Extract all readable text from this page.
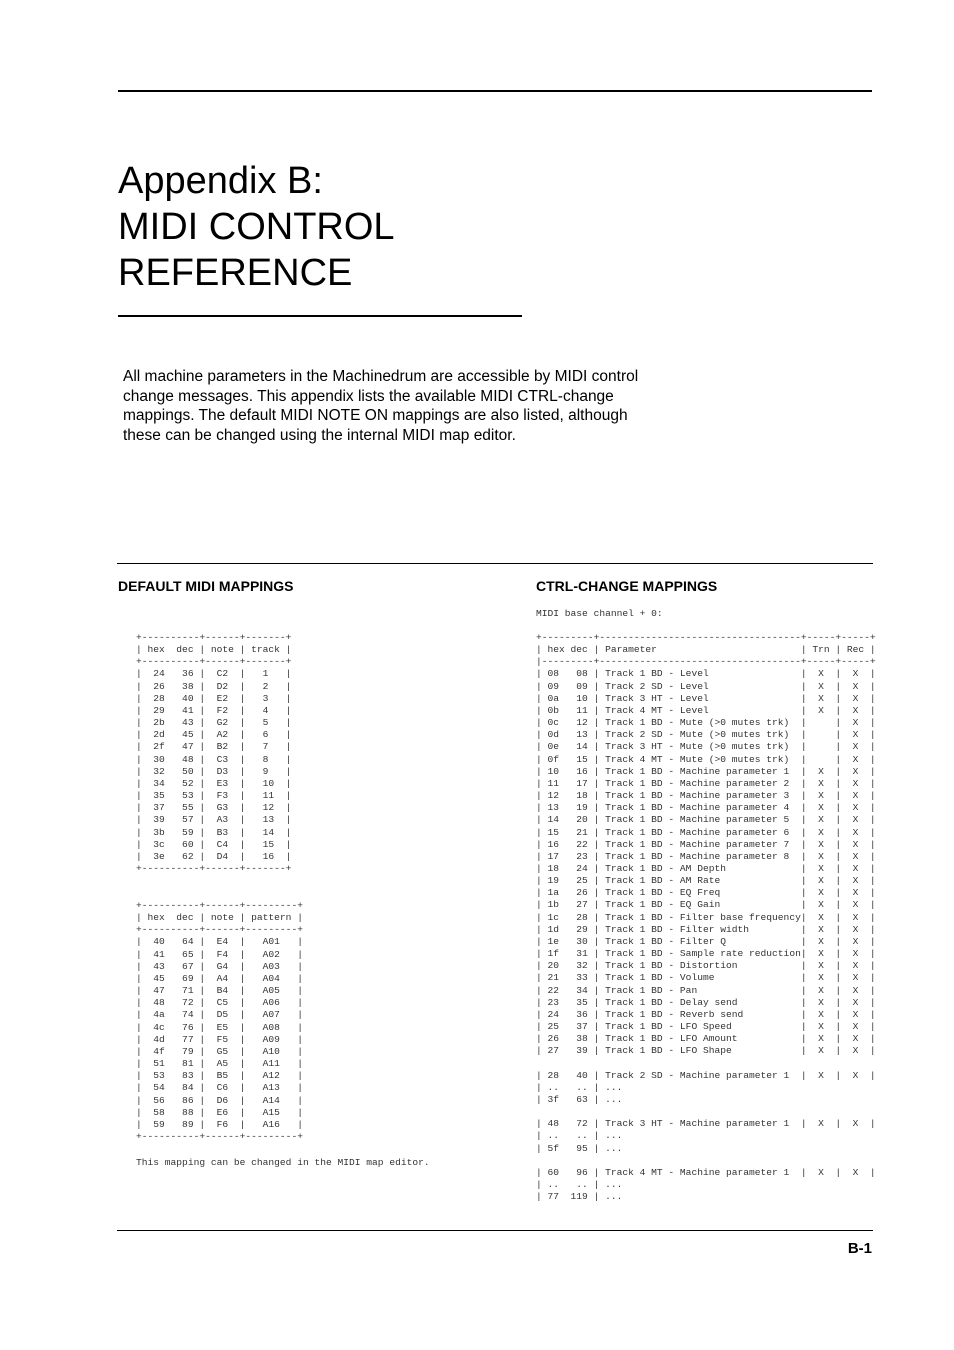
Appendix B:
MIDI CONTROL
REFERENCE

All machine parameters in the Machinedrum are accessible by MIDI control change messages. This appendix lists the available MIDI CTRL-change mappings. The default MIDI NOTE ON mappings are also listed, although these can be changed using the internal MIDI map editor.

DEFAULT MIDI MAPPINGS	CTRL-CHANGE MAPPINGS
MIDI base channel + 0:
+----------+------+-------+
| hex  dec | note | track |
+----------+------+-------+
|  24   36 |  C2  |   1   |
|  26   38 |  D2  |   2   |
|  28   40 |  E2  |   3   |
|  29   41 |  F2  |   4   |
|  2b   43 |  G2  |   5   |
|  2d   45 |  A2  |   6   |
|  2f   47 |  B2  |   7   |
|  30   48 |  C3  |   8   |
|  32   50 |  D3  |   9   |
|  34   52 |  E3  |   10  |
|  35   53 |  F3  |   11  |
|  37   55 |  G3  |   12  |
|  39   57 |  A3  |   13  |
|  3b   59 |  B3  |   14  |
|  3c   60 |  C4  |   15  |
|  3e   62 |  D4  |   16  |
+----------+------+-------+
+----------+------+---------+
| hex  dec | note | pattern |
+----------+------+---------+
|  40   64 |  E4  |   A01   |
|  41   65 |  F4  |   A02   |
|  43   67 |  G4  |   A03   |
|  45   69 |  A4  |   A04   |
|  47   71 |  B4  |   A05   |
|  48   72 |  C5  |   A06   |
|  4a   74 |  D5  |   A07   |
|  4c   76 |  E5  |   A08   |
|  4d   77 |  F5  |   A09   |
|  4f   79 |  G5  |   A10   |
|  51   81 |  A5  |   A11   |
|  53   83 |  B5  |   A12   |
|  54   84 |  C6  |   A13   |
|  56   86 |  D6  |   A14   |
|  58   88 |  E6  |   A15   |
|  59   89 |  F6  |   A16   |
+----------+------+---------+
This mapping can be changed in the MIDI map editor.
+---------+-----------------------------------+-----+-----+
| hex dec | Parameter                         | Trn | Rec |
|---------+-----------------------------------+-----+-----+
| 08   08 | Track 1 BD - Level                |  X  |  X  |
| 09   09 | Track 2 SD - Level                |  X  |  X  |
| 0a   10 | Track 3 HT - Level                |  X  |  X  |
| 0b   11 | Track 4 MT - Level                |  X  |  X  |
| 0c   12 | Track 1 BD - Mute (>0 mutes trk)  |     |  X  |
| 0d   13 | Track 2 SD - Mute (>0 mutes trk)  |     |  X  |
| 0e   14 | Track 3 HT - Mute (>0 mutes trk)  |     |  X  |
| 0f   15 | Track 4 MT - Mute (>0 mutes trk)  |     |  X  |
| 10   16 | Track 1 BD - Machine parameter 1  |  X  |  X  |
| 11   17 | Track 1 BD - Machine parameter 2  |  X  |  X  |
| 12   18 | Track 1 BD - Machine parameter 3  |  X  |  X  |
| 13   19 | Track 1 BD - Machine parameter 4  |  X  |  X  |
| 14   20 | Track 1 BD - Machine parameter 5  |  X  |  X  |
| 15   21 | Track 1 BD - Machine parameter 6  |  X  |  X  |
| 16   22 | Track 1 BD - Machine parameter 7  |  X  |  X  |
| 17   23 | Track 1 BD - Machine parameter 8  |  X  |  X  |
| 18   24 | Track 1 BD - AM Depth             |  X  |  X  |
| 19   25 | Track 1 BD - AM Rate              |  X  |  X  |
| 1a   26 | Track 1 BD - EQ Freq              |  X  |  X  |
| 1b   27 | Track 1 BD - EQ Gain              |  X  |  X  |
| 1c   28 | Track 1 BD - Filter base frequency|  X  |  X  |
| 1d   29 | Track 1 BD - Filter width         |  X  |  X  |
| 1e   30 | Track 1 BD - Filter Q             |  X  |  X  |
| 1f   31 | Track 1 BD - Sample rate reduction|  X  |  X  |
| 20   32 | Track 1 BD - Distortion           |  X  |  X  |
| 21   33 | Track 1 BD - Volume               |  X  |  X  |
| 22   34 | Track 1 BD - Pan                  |  X  |  X  |
| 23   35 | Track 1 BD - Delay send           |  X  |  X  |
| 24   36 | Track 1 BD - Reverb send          |  X  |  X  |
| 25   37 | Track 1 BD - LFO Speed            |  X  |  X  |
| 26   38 | Track 1 BD - LFO Amount           |  X  |  X  |
| 27   39 | Track 1 BD - LFO Shape            |  X  |  X  |

| 28   40 | Track 2 SD - Machine parameter 1  |  X  |  X  |
| ..   .. | ...
| 3f   63 | ...

| 48   72 | Track 3 HT - Machine parameter 1  |  X  |  X  |
| ..   .. | ...
| 5f   95 | ...

| 60   96 | Track 4 MT - Machine parameter 1  |  X  |  X  |
| ..   .. | ...
| 77  119 | ...

B-1
